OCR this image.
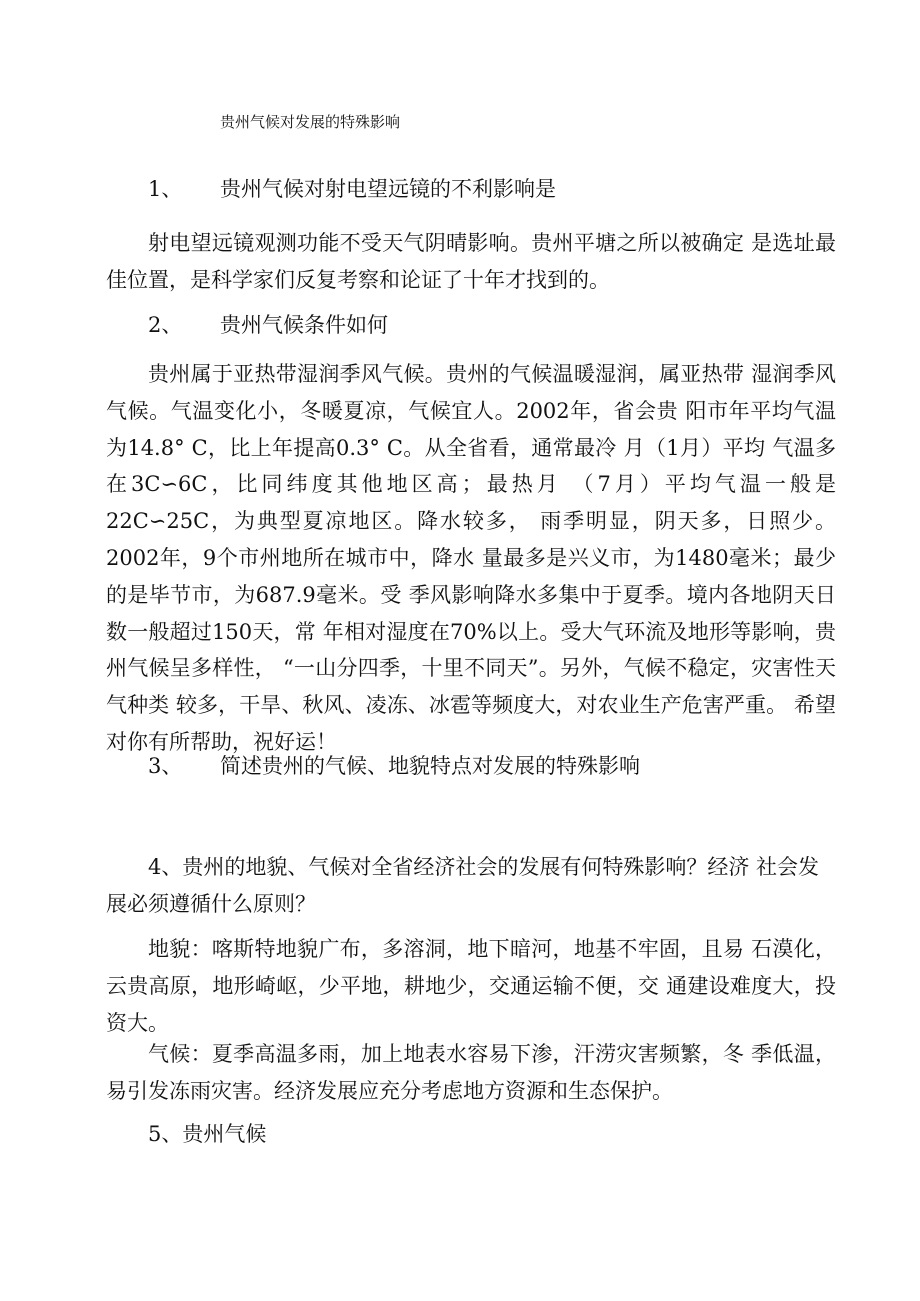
贵州气候对发展的特殊影响
1、 贵州气候对射电望远镜的不利影响是
射电望远镜观测功能不受天气阴晴影响。贵州平塘之所以被确定 是选址最佳位置，是科学家们反复考察和论证了十年才找到的。
2、 贵州气候条件如何
贵州属于亚热带湿润季风气候。贵州的气候温暖湿润，属亚热带 湿润季风气候。气温变化小，冬暖夏凉，气候宜人。2002年，省会贵 阳市年平均气温为14.8° C，比上年提高0.3° C。从全省看，通常最冷 月（1月）平均 气温多在3C∽6C，比同纬度其他地区高；最热月 （7月）平均气温一般是22C∽25C，为典型夏凉地区。降水较多， 雨季明显，阴天多，日照少。2002年，9个市州地所在城市中，降水 量最多是兴义市，为1480毫米；最少的是毕节市，为687.9毫米。受 季风影响降水多集中于夏季。境内各地阴天日数一般超过150天，常 年相对湿度在70%以上。受大气环流及地形等影响，贵州气候呈多样性， “一山分四季，十里不同天”。另外，气候不稳定，灾害性天气种类 较多，干旱、秋风、凌冻、冰雹等频度大，对农业生产危害严重。 希望对你有所帮助，祝好运！
3、 简述贵州的气候、地貌特点对发展的特殊影响
4、贵州的地貌、气候对全省经济社会的发展有何特殊影响？经济 社会发展必须遵循什么原则？
地貌：喀斯特地貌广布，多溶洞，地下暗河，地基不牢固，且易 石漠化，云贵高原，地形崎岖，少平地，耕地少，交通运输不便，交 通建设难度大，投资大。
气候：夏季高温多雨，加上地表水容易下渗，汗涝灾害频繁，冬 季低温，易引发冻雨灾害。经济发展应充分考虑地方资源和生态保护。
5、贵州气候
